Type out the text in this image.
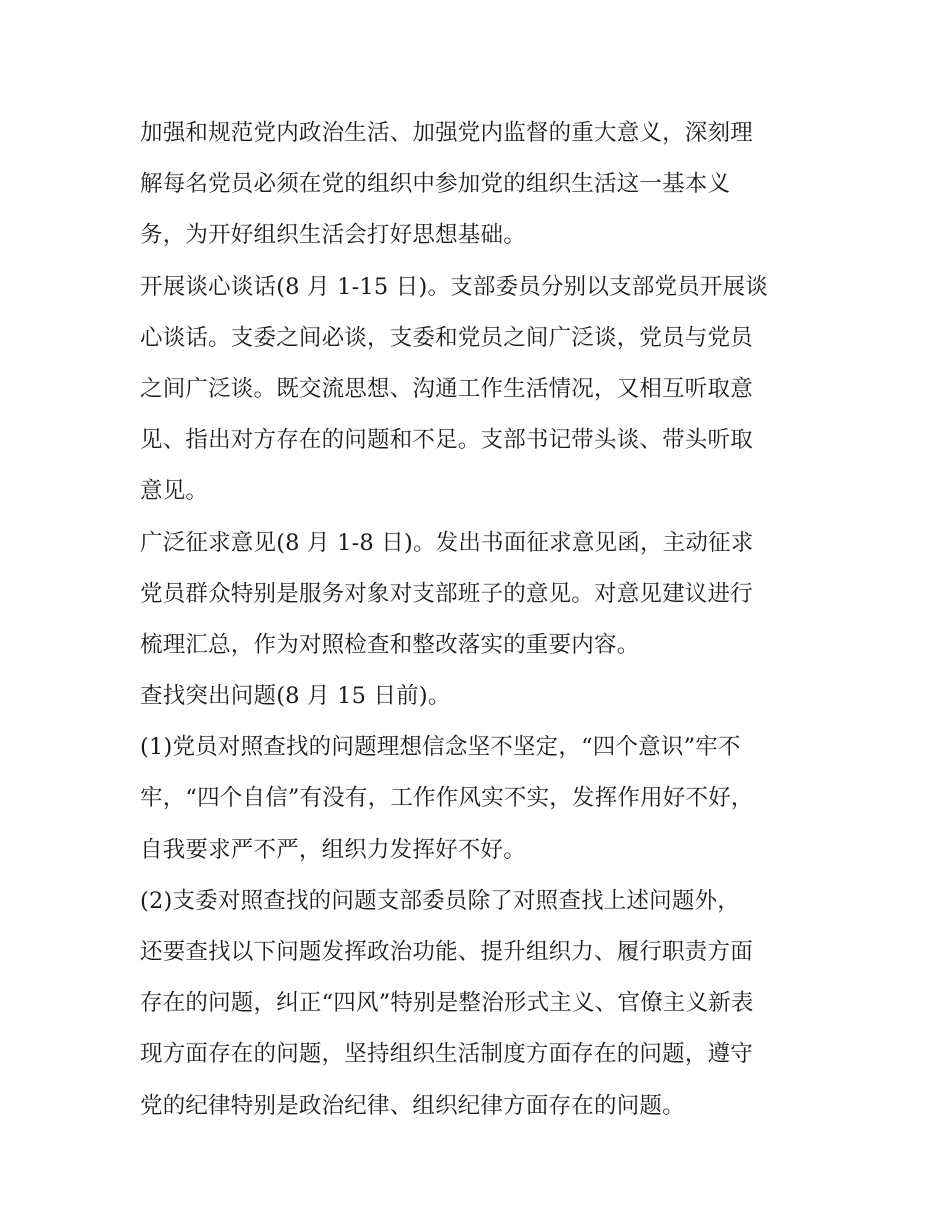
加强和规范党内政治生活、加强党内监督的重大意义，深刻理
解每名党员必须在党的组织中参加党的组织生活这一基本义
务，为开好组织生活会打好思想基础。

开展谈心谈话(8 月 1-15 日)。支部委员分别以支部党员开展谈
心谈话。支委之间必谈，支委和党员之间广泛谈，党员与党员
之间广泛谈。既交流思想、沟通工作生活情况，又相互听取意
见、指出对方存在的问题和不足。支部书记带头谈、带头听取
意见。

广泛征求意见(8 月 1-8 日)。发出书面征求意见函，主动征求
党员群众特别是服务对象对支部班子的意见。对意见建议进行
梳理汇总，作为对照检查和整改落实的重要内容。

查找突出问题(8 月 15 日前)。

(1)党员对照查找的问题理想信念坚不坚定，“四个意识”牢不
牢，“四个自信”有没有，工作作风实不实，发挥作用好不好，
自我要求严不严，组织力发挥好不好。

(2)支委对照查找的问题支部委员除了对照查找上述问题外，
还要查找以下问题发挥政治功能、提升组织力、履行职责方面
存在的问题，纠正“四风”特别是整治形式主义、官僚主义新表
现方面存在的问题，坚持组织生活制度方面存在的问题，遵守
党的纪律特别是政治纪律、组织纪律方面存在的问题。
